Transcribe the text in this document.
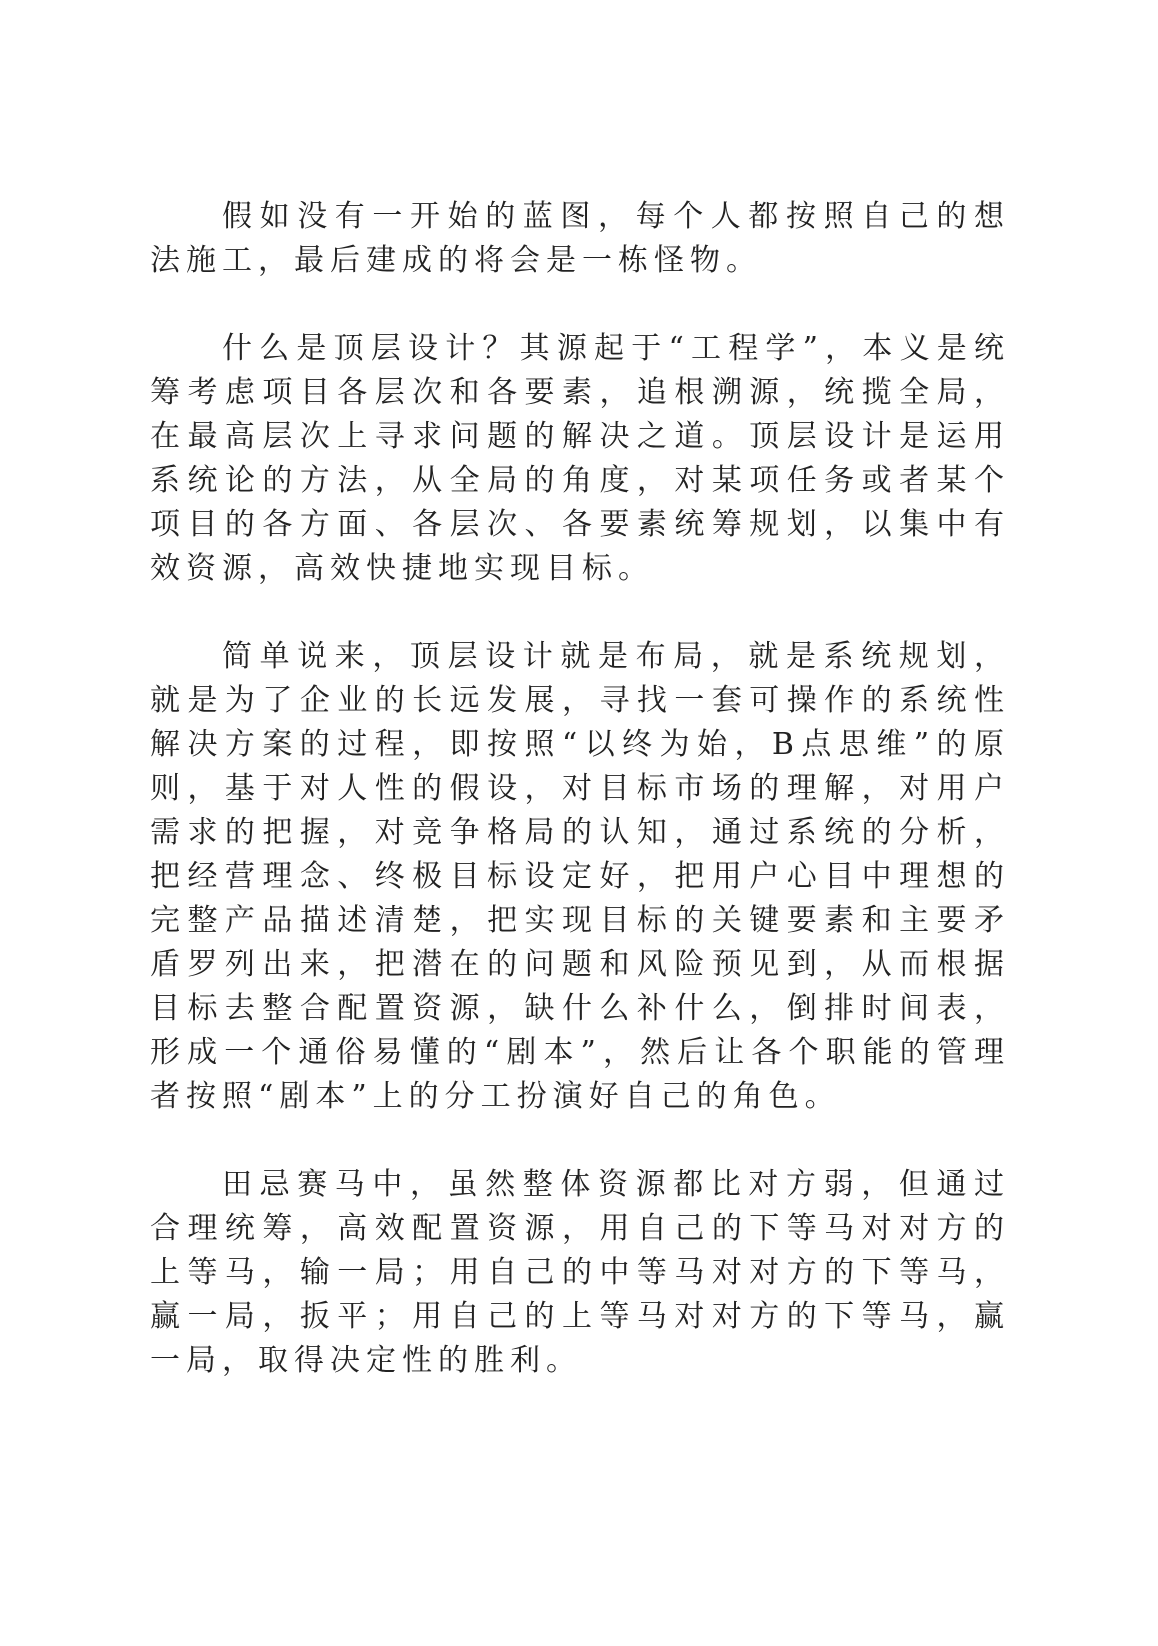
假如没有一开始的蓝图，每个人都按照自己的想法施工，最后建成的将会是一栋怪物。

什么是顶层设计？其源起于“工程学”，本义是统筹考虑项目各层次和各要素，追根溯源，统揽全局，在最高层次上寻求问题的解决之道。顶层设计是运用系统论的方法，从全局的角度，对某项任务或者某个项目的各方面、各层次、各要素统筹规划，以集中有效资源，高效快捷地实现目标。

简单说来，顶层设计就是布局，就是系统规划，就是为了企业的长远发展，寻找一套可操作的系统性解决方案的过程，即按照“以终为始，B点思维”的原则，基于对人性的假设，对目标市场的理解，对用户需求的把握，对竞争格局的认知，通过系统的分析，把经营理念、终极目标设定好，把用户心目中理想的完整产品描述清楚，把实现目标的关键要素和主要矛盾罗列出来，把潜在的问题和风险预见到，从而根据目标去整合配置资源，缺什么补什么，倒排时间表，形成一个通俗易懂的“剧本”，然后让各个职能的管理者按照“剧本”上的分工扮演好自己的角色。

田忌赛马中，虽然整体资源都比对方弱，但通过合理统筹，高效配置资源，用自己的下等马对对方的上等马，输一局；用自己的中等马对对方的下等马，赢一局，扳平；用自己的上等马对对方的下等马，赢一局，取得决定性的胜利。
